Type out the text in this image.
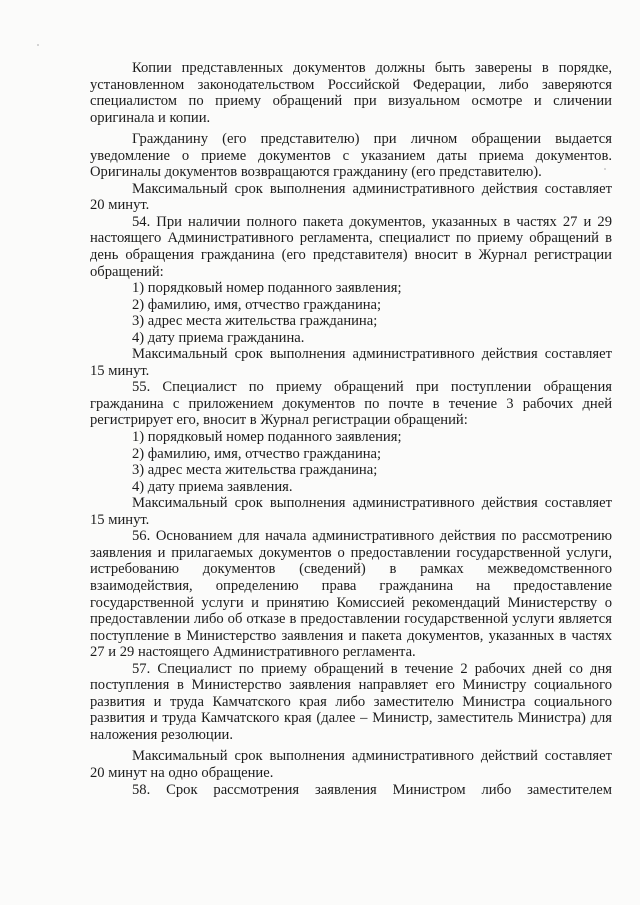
Копии представленных документов должны быть заверены в порядке, установленном законодательством Российской Федерации, либо заверяются специалистом по приему обращений при визуальном осмотре и сличении оригинала и копии.

Гражданину (его представителю) при личном обращении выдается уведомление о приеме документов с указанием даты приема документов. Оригиналы документов возвращаются гражданину (его представителю).

Максимальный срок выполнения административного действия составляет 20 минут.

54. При наличии полного пакета документов, указанных в частях 27 и 29 настоящего Административного регламента, специалист по приему обращений в день обращения гражданина (его представителя) вносит в Журнал регистрации обращений:

1) порядковый номер поданного заявления;

2) фамилию, имя, отчество гражданина;

3) адрес места жительства гражданина;

4) дату приема гражданина.

Максимальный срок выполнения административного действия составляет 15 минут.

55. Специалист по приему обращений при поступлении обращения гражданина с приложением документов по почте в течение 3 рабочих дней регистрирует его, вносит в Журнал регистрации обращений:

1) порядковый номер поданного заявления;

2) фамилию, имя, отчество гражданина;

3) адрес места жительства гражданина;

4) дату приема заявления.

Максимальный срок выполнения административного действия составляет 15 минут.

56. Основанием для начала административного действия по рассмотрению заявления и прилагаемых документов о предоставлении государственной услуги, истребованию документов (сведений) в рамках межведомственного взаимодействия, определению права гражданина на предоставление государственной услуги и принятию Комиссией рекомендаций Министерству о предоставлении либо об отказе в предоставлении государственной услуги является поступление в Министерство заявления и пакета документов, указанных в частях 27 и 29 настоящего Административного регламента.

57. Специалист по приему обращений в течение 2 рабочих дней со дня поступления в Министерство заявления направляет его Министру социального развития и труда Камчатского края либо заместителю Министра социального развития и труда Камчатского края (далее – Министр, заместитель Министра) для наложения резолюции.

Максимальный срок выполнения административного действий составляет 20 минут на одно обращение.

58. Срок рассмотрения заявления Министром либо заместителем
